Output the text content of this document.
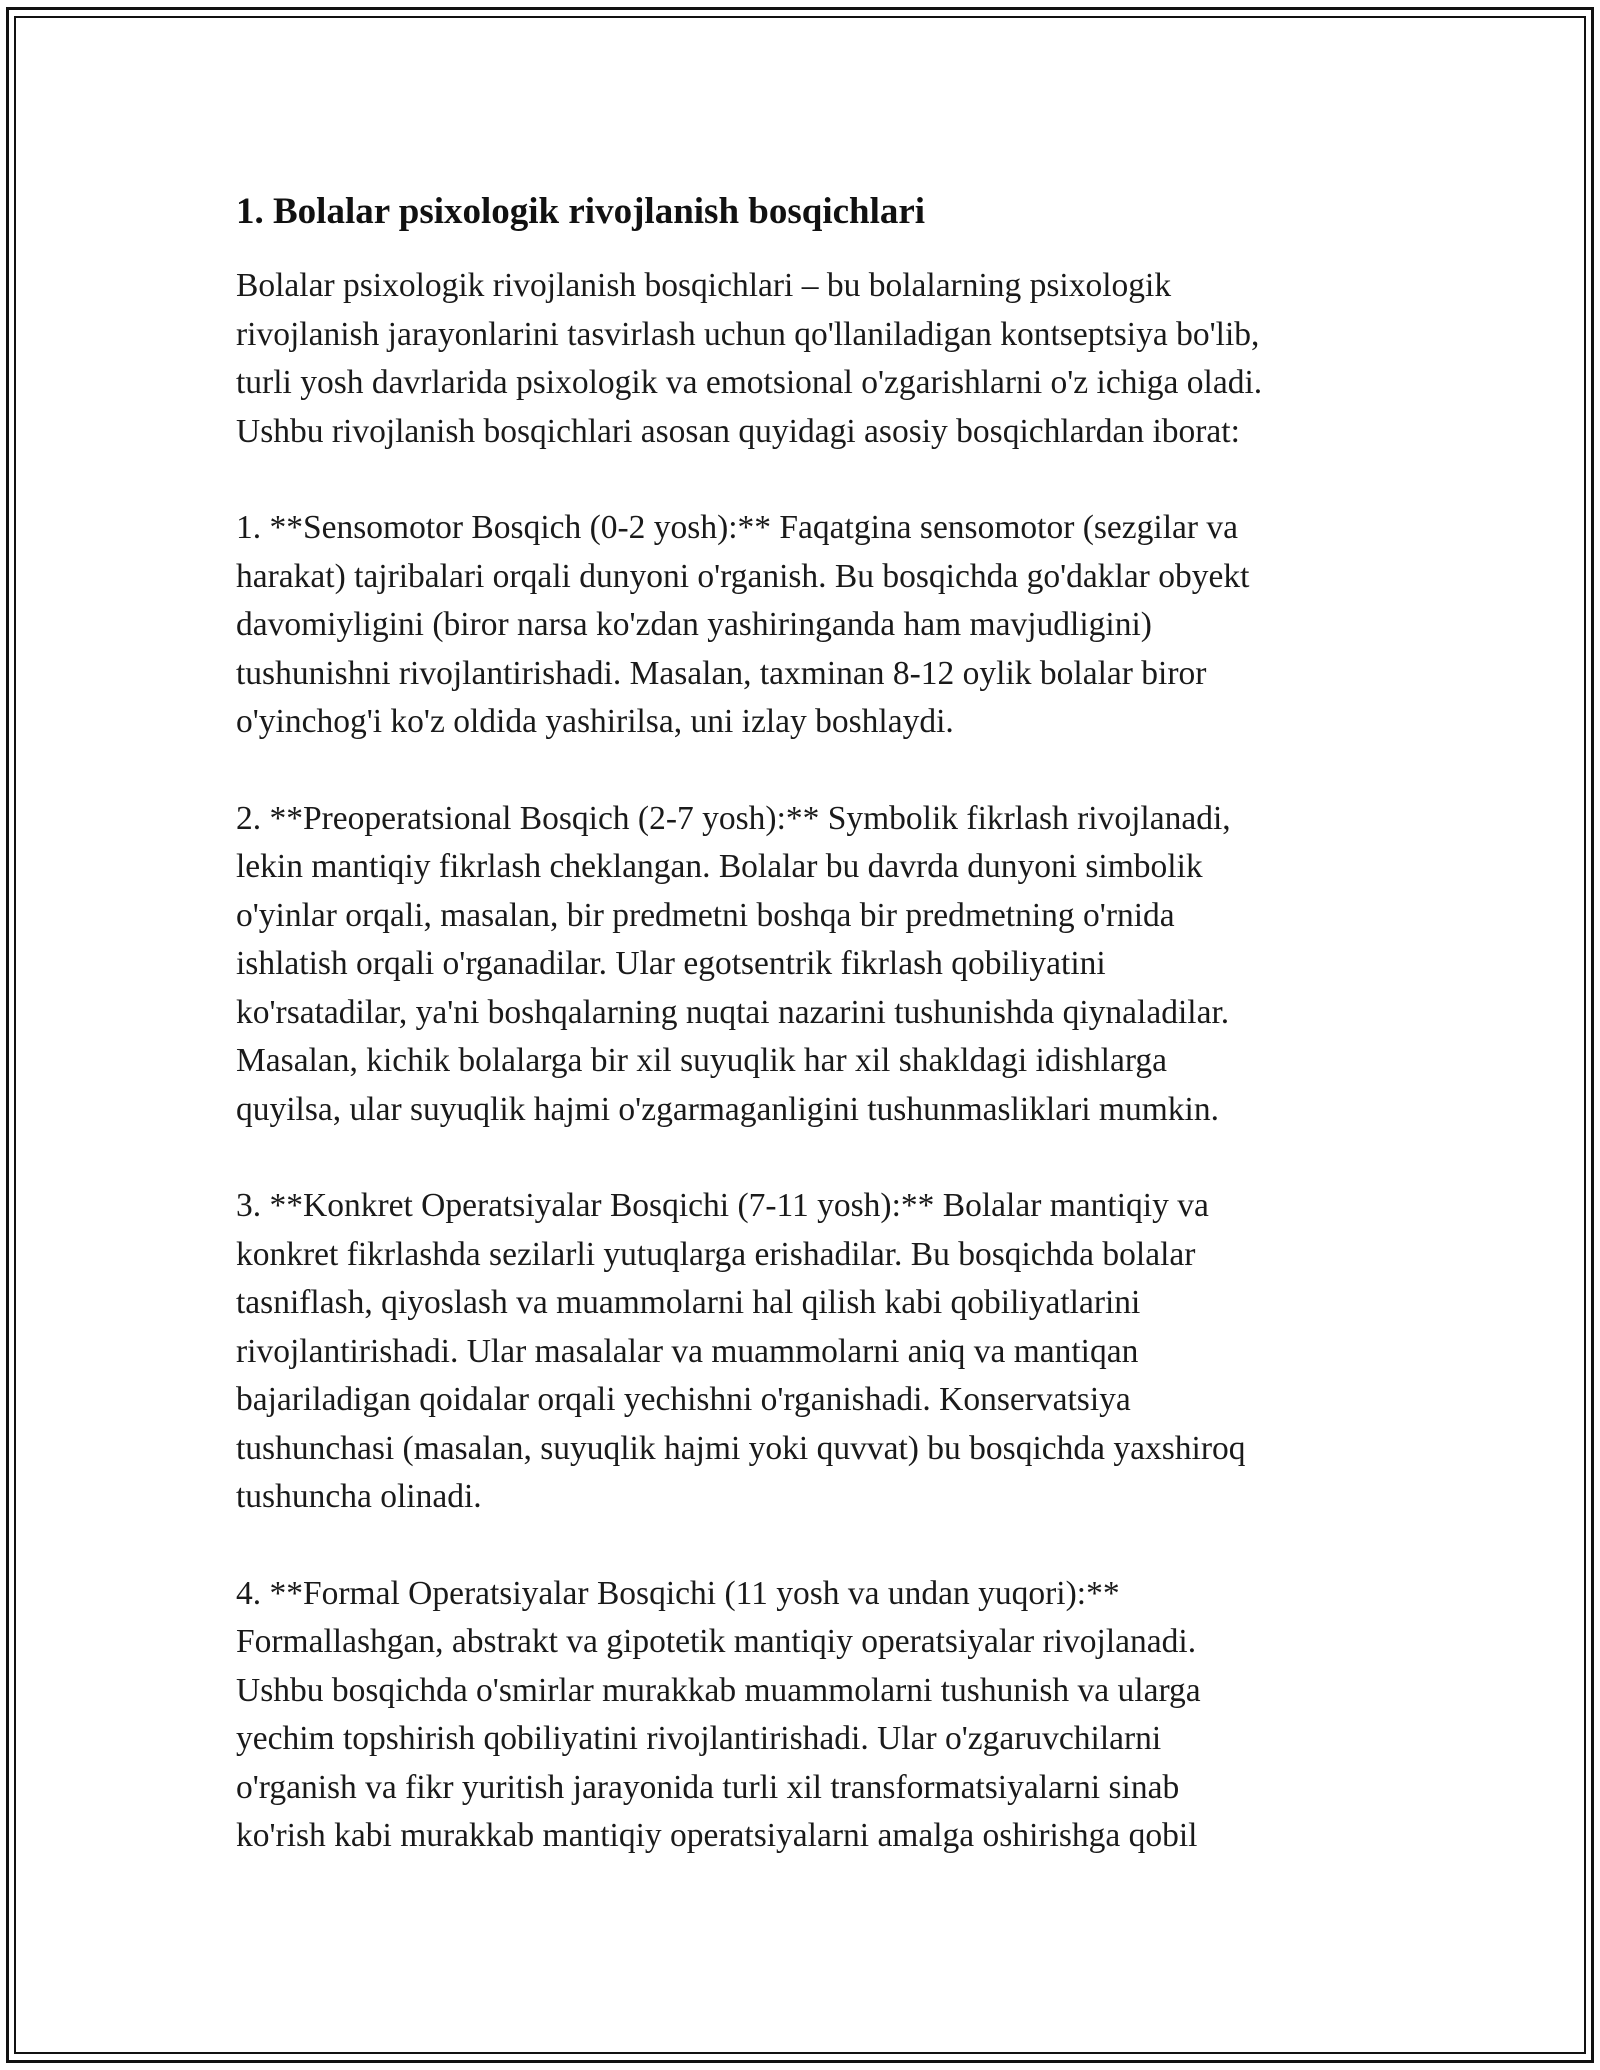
1. Bolalar psixologik rivojlanish bosqichlari

Bolalar psixologik rivojlanish bosqichlari – bu bolalarning psixologik
rivojlanish jarayonlarini tasvirlash uchun qo'llaniladigan kontseptsiya bo'lib,
turli yosh davrlarida psixologik va emotsional o'zgarishlarni o'z ichiga oladi.
Ushbu rivojlanish bosqichlari asosan quyidagi asosiy bosqichlardan iborat:

1. **Sensomotor Bosqich (0-2 yosh):** Faqatgina sensomotor (sezgilar va
harakat) tajribalari orqali dunyoni o'rganish. Bu bosqichda go'daklar obyekt
davomiyligini (biror narsa ko'zdan yashiringanda ham mavjudligini)
tushunishni rivojlantirishadi. Masalan, taxminan 8-12 oylik bolalar biror
o'yinchog'i ko'z oldida yashirilsa, uni izlay boshlaydi.

2. **Preoperatsional Bosqich (2-7 yosh):** Symbolik fikrlash rivojlanadi,
lekin mantiqiy fikrlash cheklangan. Bolalar bu davrda dunyoni simbolik
o'yinlar orqali, masalan, bir predmetni boshqa bir predmetning o'rnida
ishlatish orqali o'rganadilar. Ular egotsentrik fikrlash qobiliyatini
ko'rsatadilar, ya'ni boshqalarning nuqtai nazarini tushunishda qiynaladilar.
Masalan, kichik bolalarga bir xil suyuqlik har xil shakldagi idishlarga
quyilsa, ular suyuqlik hajmi o'zgarmaganligini tushunmasliklari mumkin.

3. **Konkret Operatsiyalar Bosqichi (7-11 yosh):** Bolalar mantiqiy va
konkret fikrlashda sezilarli yutuqlarga erishadilar. Bu bosqichda bolalar
tasniflash, qiyoslash va muammolarni hal qilish kabi qobiliyatlarini
rivojlantirishadi. Ular masalalar va muammolarni aniq va mantiqan
bajariladigan qoidalar orqali yechishni o'rganishadi. Konservatsiya
tushunchasi (masalan, suyuqlik hajmi yoki quvvat) bu bosqichda yaxshiroq
tushuncha olinadi.

4. **Formal Operatsiyalar Bosqichi (11 yosh va undan yuqori):**
Formallashgan, abstrakt va gipotetik mantiqiy operatsiyalar rivojlanadi.
Ushbu bosqichda o'smirlar murakkab muammolarni tushunish va ularga
yechim topshirish qobiliyatini rivojlantirishadi. Ular o'zgaruvchilarni
o'rganish va fikr yuritish jarayonida turli xil transformatsiyalarni sinab
ko'rish kabi murakkab mantiqiy operatsiyalarni amalga oshirishga qobil
